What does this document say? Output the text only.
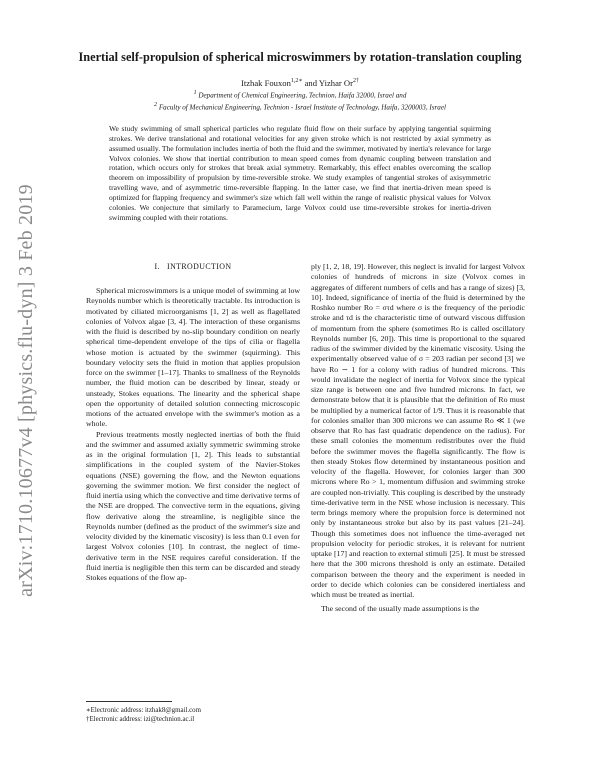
arXiv:1710.10677v4 [physics.flu-dyn] 3 Feb 2019
Inertial self-propulsion of spherical microswimmers by rotation-translation coupling
Itzhak Fouxon$^{1,2∗}$ and Yizhar $Or^{2\dagger}$
$^1$ Department of Chemical Engineering, Technion, Haifa 32000, Israel and
$^2$ Faculty of Mechanical Engineering, Technion - Israel Institute of Technology, Haifa, 3200003, Israel

We study swimming of small spherical particles who regulate fluid flow on their surface by applying tangential squirming strokes. We derive translational and rotational velocities for any given stroke which is not restricted by axial symmetry as assumed usually. The formulation includes inertia of both the fluid and the swimmer, motivated by inertia's relevance for large Volvox colonies. We show that inertial contribution to mean speed comes from dynamic coupling between translation and rotation, which occurs only for strokes that break axial symmetry. Remarkably, this effect enables overcoming the scallop theorem on impossibility of propulsion by time-reversible stroke. We study examples of tangential strokes of axisymmetric travelling wave, and of asymmetric time-reversible flapping. In the latter case, we find that inertia-driven mean speed is optimized for flapping frequency and swimmer's size which fall well within the range of realistic physical values for Volvox colonies. We conjecture that similarly to Paramecium, large Volvox could use time-reversible strokes for inertia-driven swimming coupled with their rotations.

I. INTRODUCTION

Spherical microswimmers is a unique model of swimming at low Reynolds number which is theoretically tractable. Its introduction is motivated by ciliated microorganisms [1, 2] as well as flagellated colonies of Volvox algae [3, 4]. The interaction of these organisms with the fluid is described by no-slip boundary condition on nearly spherical time-dependent envelope of the tips of cilia or flagella whose motion is actuated by the swimmer (squirming). This boundary velocity sets the fluid in motion that applies propulsion force on the swimmer [1–17]. Thanks to smallness of the Reynolds number, the fluid motion can be described by linear, steady or unsteady, Stokes equations. The linearity and the spherical shape open the opportunity of detailed solution connecting microscopic motions of the actuated envelope with the swimmer's motion as a whole.

Previous treatments mostly neglected inertias of both the fluid and the swimmer and assumed axially symmetric swimming stroke as in the original formulation [1, 2]. This leads to substantial simplifications in the coupled system of the Navier-Stokes equations (NSE) governing the flow, and the Newton equations governing the swimmer motion. We first consider the neglect of fluid inertia using which the convective and time derivative terms of the NSE are dropped. The convective term in the equations, giving flow derivative along the streamline, is negligible since the Reynolds number (defined as the product of the swimmer's size and velocity divided by the kinematic viscosity) is less than 0.1 even for largest Volvox colonies [10]. In contrast, the neglect of time-derivative term in the NSE requires careful consideration. If the fluid inertia is negligible then this term can be discarded and steady Stokes equations of the flow ap-

ply [1, 2, 18, 19]. However, this neglect is invalid for largest Volvox colonies of hundreds of microns in size (Volvox comes in aggregates of different numbers of cells and has a range of sizes) [3, 10]. Indeed, significance of inertia of the fluid is determined by the Roshko number Ro = στd where σ is the frequency of the periodic stroke and τd is the characteristic time of outward viscous diffusion of momentum from the sphere (sometimes Ro is called oscillatory Reynolds number [6, 20]). This time is proportional to the squared radius of the swimmer divided by the kinematic viscosity. Using the experimentally observed value of σ = 203 radian per second [3] we have Ro ∼ 1 for a colony with radius of hundred microns. This would invalidate the neglect of inertia for Volvox since the typical size range is between one and five hundred microns. In fact, we demonstrate below that it is plausible that the definition of Ro must be multiplied by a numerical factor of 1/9. Thus it is reasonable that for colonies smaller than 300 microns we can assume Ro ≪ 1 (we observe that Ro has fast quadratic dependence on the radius). For these small colonies the momentum redistributes over the fluid before the swimmer moves the flagella significantly. The flow is then steady Stokes flow determined by instantaneous position and velocity of the flagella. However, for colonies larger than 300 microns where Ro > 1, momentum diffusion and swimming stroke are coupled non-trivially. This coupling is described by the unsteady time-derivative term in the NSE whose inclusion is necessary. This term brings memory where the propulsion force is determined not only by instantaneous stroke but also by its past values [21–24]. Though this sometimes does not influence the time-averaged net propulsion velocity for periodic strokes, it is relevant for nutrient uptake [17] and reaction to external stimuli [25]. It must be stressed here that the 300 microns threshold is only an estimate. Detailed comparison between the theory and the experiment is needed in order to decide which colonies can be considered inertialess and which must be treated as inertial.

The second of the usually made assumptions is the

∗Electronic address: itzhak8@gmail.com

†Electronic address: izi@technion.ac.il
